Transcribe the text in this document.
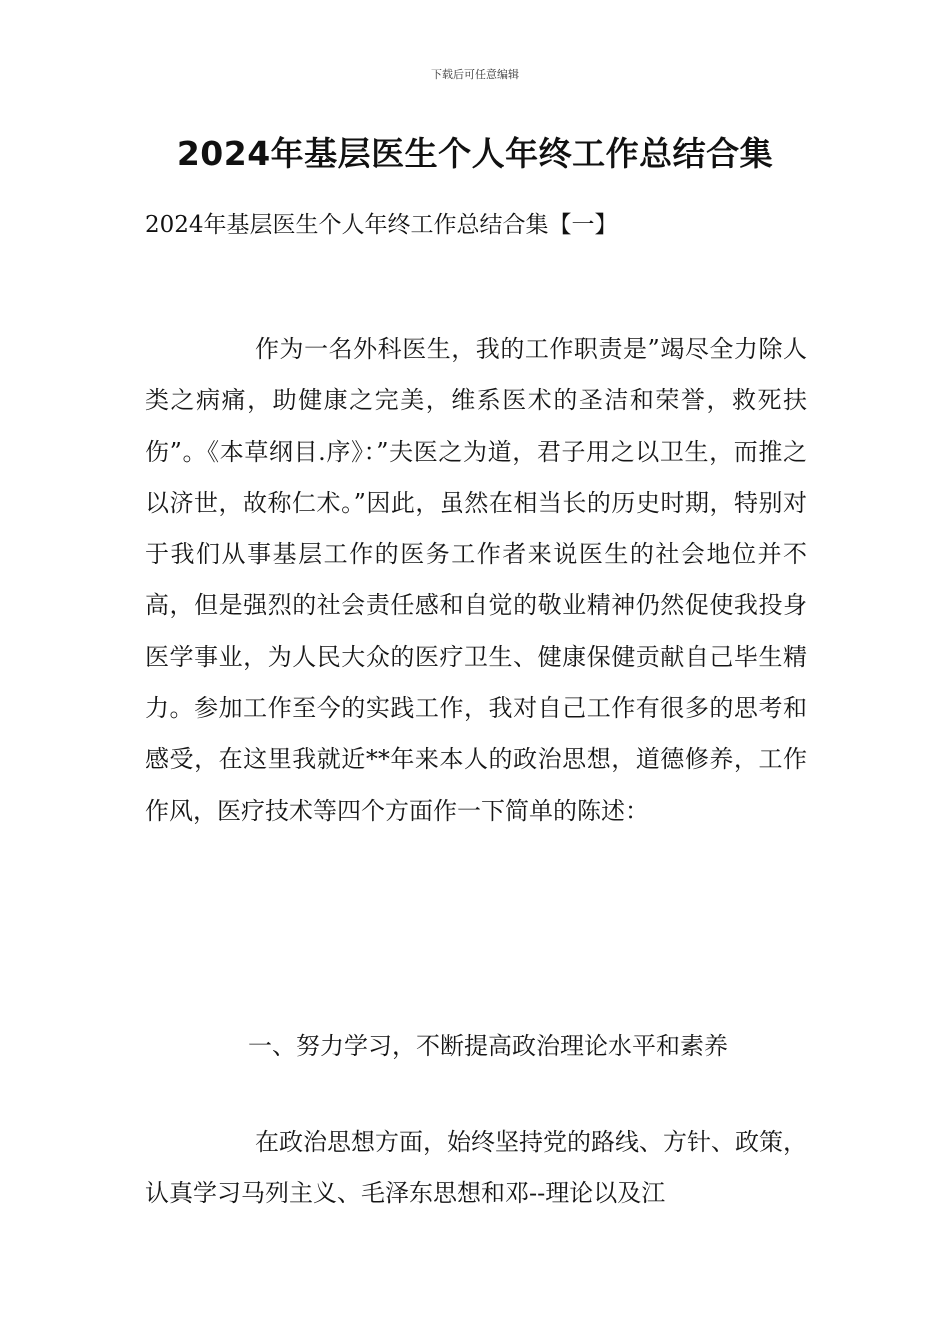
下载后可任意编辑
2024年基层医生个人年终工作总结合集
2024年基层医生个人年终工作总结合集【一】

作为一名外科医生，我的工作职责是”竭尽全力除人类之病痛，助健康之完美，维系医术的圣洁和荣誉，救死扶伤”。《本草纲目.序》：”夫医之为道，君子用之以卫生，而推之以济世，故称仁术。”因此，虽然在相当长的历史时期，特别对于我们从事基层工作的医务工作者来说医生的社会地位并不高，但是强烈的社会责任感和自觉的敬业精神仍然促使我投身医学事业，为人民大众的医疗卫生、健康保健贡献自己毕生精力。参加工作至今的实践工作，我对自己工作有很多的思考和感受，在这里我就近**年来本人的政治思想，道德修养，工作作风，医疗技术等四个方面作一下简单的陈述：

一、努力学习，不断提高政治理论水平和素养

在政治思想方面，始终坚持党的路线、方针、政策，认真学习马列主义、毛泽东思想和邓--理论以及江
